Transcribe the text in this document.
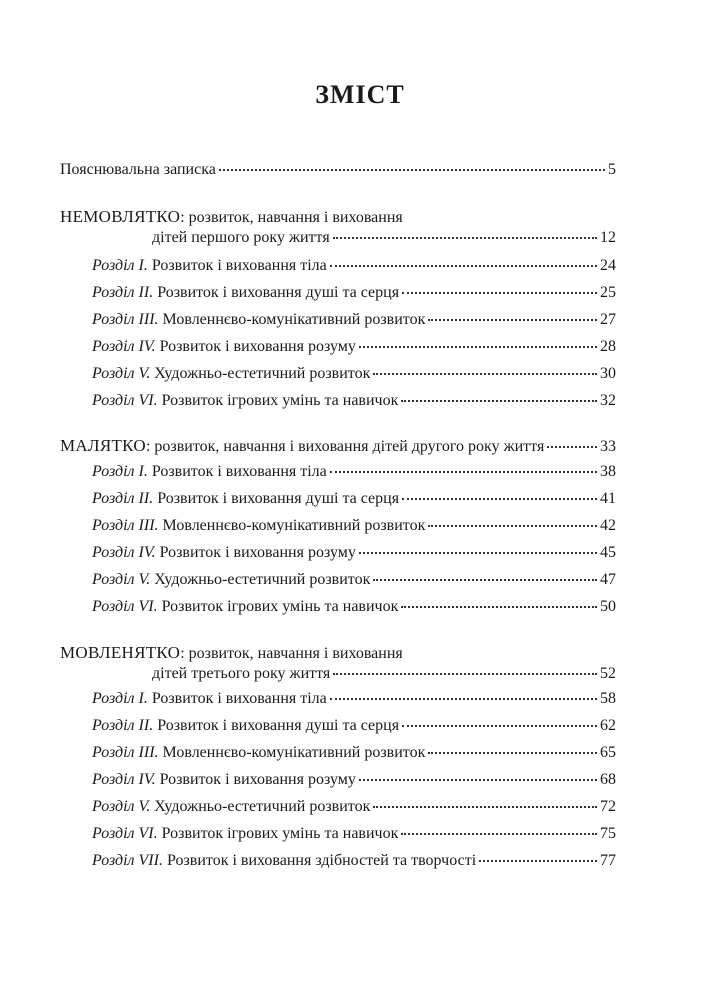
ЗМІСТ
Пояснювальна записка	5
НЕМОВЛЯТКО: розвиток, навчання і виховання
дітей першого року життя	12
Розділ І. Розвиток і виховання тіла	24
Розділ ІІ. Розвиток і виховання душі та серця	25
Розділ ІІІ. Мовленнєво-комунікативний розвиток	27
Розділ IV. Розвиток і виховання розуму	28
Розділ V. Художньо-естетичний розвиток	30
Розділ VІ. Розвиток ігрових умінь та навичок	32
МАЛЯТКО: розвиток, навчання і виховання дітей другого року життя	33
Розділ І. Розвиток і виховання тіла	38
Розділ ІІ. Розвиток і виховання душі та серця	41
Розділ ІІІ. Мовленнєво-комунікативний розвиток	42
Розділ IV. Розвиток і виховання розуму	45
Розділ V. Художньо-естетичний розвиток	47
Розділ VІ. Розвиток ігрових умінь та навичок	50
МОВЛЕНЯТКО: розвиток, навчання і виховання
дітей третього року життя	52
Розділ І. Розвиток і виховання тіла	58
Розділ ІІ. Розвиток і виховання душі та серця	62
Розділ ІІІ. Мовленнєво-комунікативний розвиток	65
Розділ IV. Розвиток і виховання розуму	68
Розділ V. Художньо-естетичний розвиток	72
Розділ VІ. Розвиток ігрових умінь та навичок	75
Розділ VІІ. Розвиток і виховання здібностей та творчості	77
